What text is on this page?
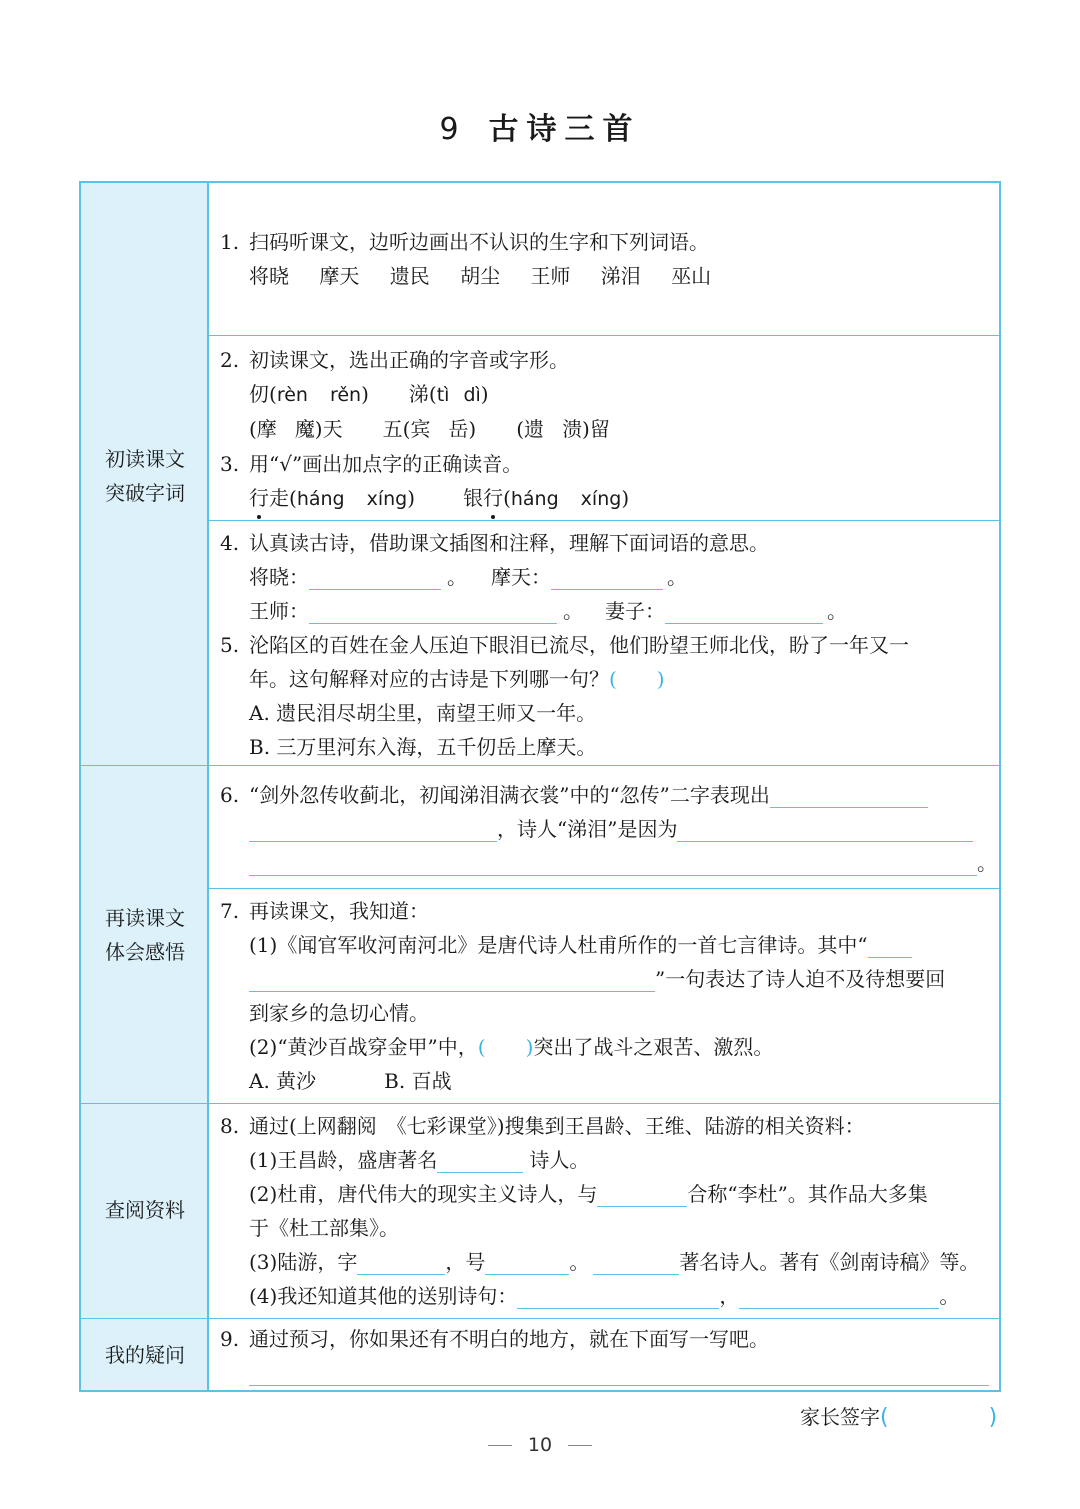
9 古诗三首
初读课文
突破字词
再读课文
体会感悟
查阅资料
我的疑问
1. 扫码听课文，边听边画出不认识的生字和下列词语。
将晓 摩天 遗民 胡尘 王师 涕泪 巫山
2. 初读课文，选出正确的字音或字形。
仞(rèn rěn) 涕(tì dì)
(摩 魔)天 五(宾 岳) (遗 溃)留
3. 用“√”画出加点字的正确读音。
行走(háng xíng) 银行(háng xíng)
4. 认真读古诗，借助课文插图和注释，理解下面词语的意思。
将晓：	。 摩天：	。
王师：	。 妻子：	。
5. 沦陷区的百姓在金人压迫下眼泪已流尽，他们盼望王师北伐，盼了一年又一
年。这句解释对应的古诗是下列哪一句？(　　)
A. 遗民泪尽胡尘里，南望王师又一年。
B. 三万里河东入海，五千仞岳上摩天。
6. “剑外忽传收蓟北，初闻涕泪满衣裳”中的“忽传”二字表现出
，诗人“涕泪”是因为
。
7. 再读课文，我知道：
(1)《闻官军收河南河北》是唐代诗人杜甫所作的一首七言律诗。其中“
”一句表达了诗人迫不及待想要回
到家乡的急切心情。
(2)“黄沙百战穿金甲”中，(　　)突出了战斗之艰苦、激烈。
A. 黄沙	B. 百战
8. 通过(上网翻阅　《七彩课堂》)搜集到王昌龄、王维、陆游的相关资料：
(1)王昌龄，盛唐著名	诗人。
(2)杜甫，唐代伟大的现实主义诗人，与	合称“李杜”。其作品大多集
于《杜工部集》。
(3)陆游，字	，号	。	著名诗人。著有《剑南诗稿》等。
(4)我还知道其他的送别诗句：	，	。
9. 通过预习，你如果还有不明白的地方，就在下面写一写吧。
家长签字(	)
10
